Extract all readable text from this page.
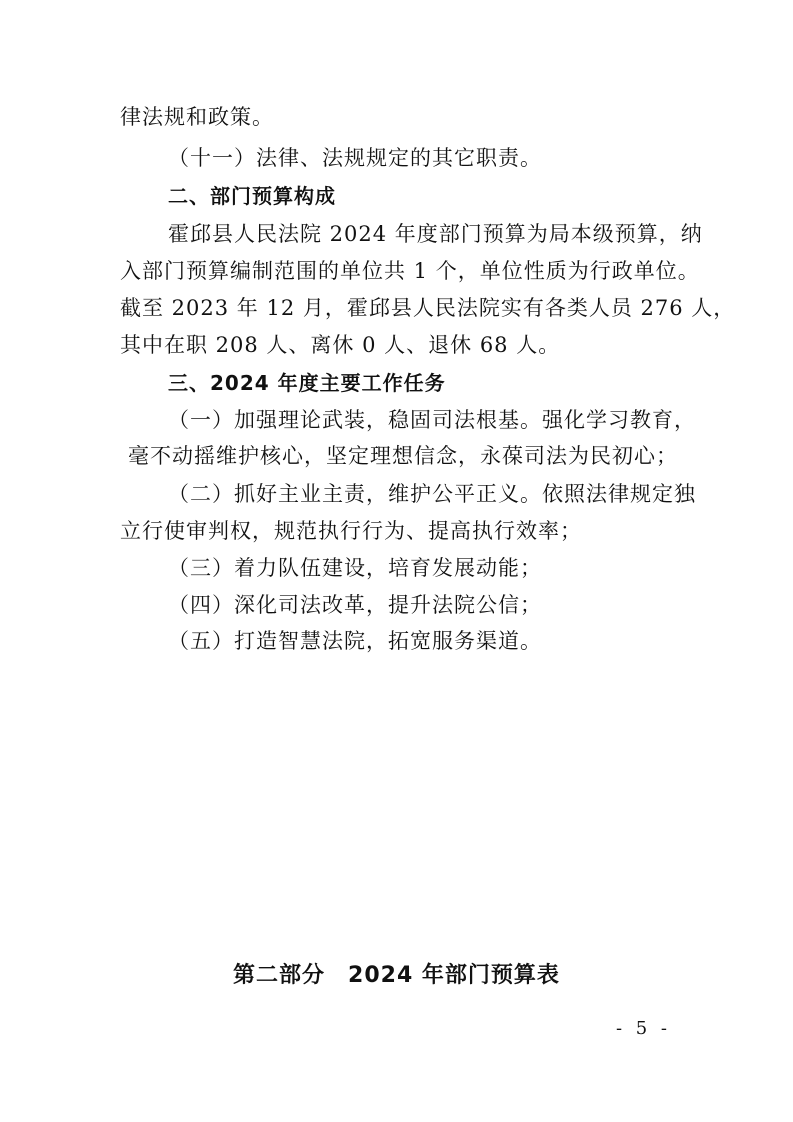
律法规和政策。
（十一）法律、法规规定的其它职责。
二、部门预算构成
霍邱县人民法院 2024 年度部门预算为局本级预算，纳
入部门预算编制范围的单位共 1 个，单位性质为行政单位。
截至 2023 年 12 月，霍邱县人民法院实有各类人员 276 人，
其中在职 208 人、离休 0 人、退休 68 人。
三、2024 年度主要工作任务
（一）加强理论武装，稳固司法根基。强化学习教育，
毫不动摇维护核心，坚定理想信念，永葆司法为民初心；
（二）抓好主业主责，维护公平正义。依照法律规定独
立行使审判权，规范执行行为、提高执行效率；
（三）着力队伍建设，培育发展动能；
（四）深化司法改革，提升法院公信；
（五）打造智慧法院，拓宽服务渠道。
第二部分　2024 年部门预算表
- 5 -
